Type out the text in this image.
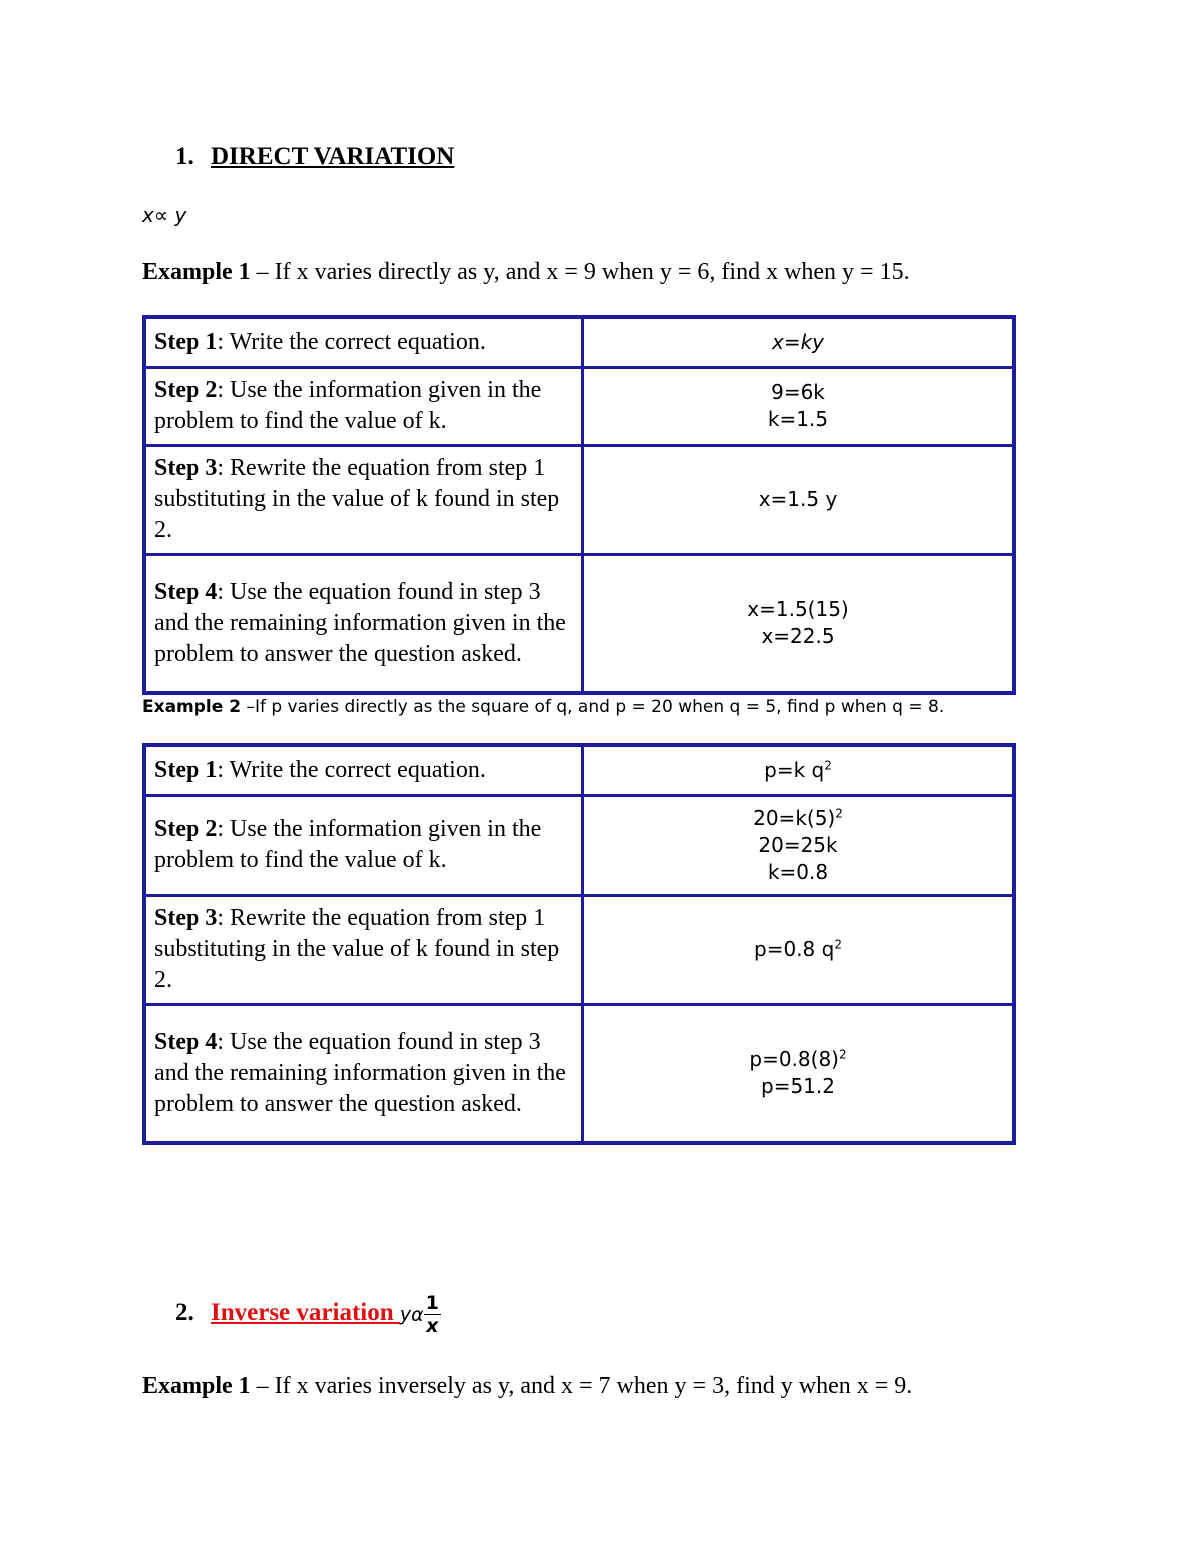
1. DIRECT VARIATION
x∝ y
Example 1 – If x varies directly as y, and x = 9 when y = 6, find x when y = 15.
Step 1: Write the correct equation.	x=ky

Step 2: Use the information given in the problem to find the value of k.	9=6k
k=1.5

Step 3: Rewrite the equation from step 1 substituting in the value of k found in step 2.	x=1.5 y

Step 4: Use the equation found in step 3 and the remaining information given in the problem to answer the question asked.	x=1.5(15)
x=22.5
Example 2 –If p varies directly as the square of q, and p = 20 when q = 5, find p when q = 8.
Step 1: Write the correct equation.	p=k $q^2$

Step 2: Use the information given in the problem to find the value of k.	$20=k(5)^2$
20=25k
k=0.8

Step 3: Rewrite the equation from step 1 substituting in the value of k found in step 2.	p=0.8 $q^2$

Step 4: Use the equation found in step 3 and the remaining information given in the problem to answer the question asked.	$p=0.8(8)^2$
p=51.2
2. Inverse variation yα $\frac{1}{x}$
Example 1 – If x varies inversely as y, and x = 7 when y = 3, find y when x = 9.
